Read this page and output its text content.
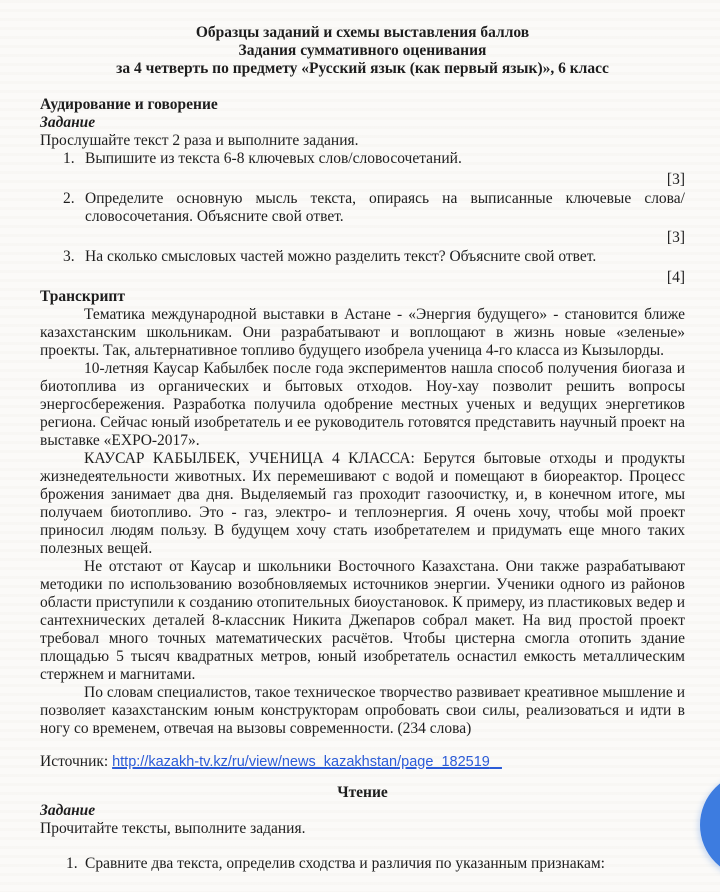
Образцы заданий и схемы выставления баллов
Задания суммативного оценивания
за 4 четверть по предмету «Русский язык (как первый язык)», 6 класс
Аудирование и говорение
Задание
Прослушайте текст 2 раза и выполните задания.
1. Выпишите из текста 6-8 ключевых слов/словосочетаний.
[3]
2. Определите основную мысль текста, опираясь на выписанные ключевые слова/словосочетания. Объясните свой ответ.
[3]
3. На сколько смысловых частей можно разделить текст? Объясните свой ответ.
[4]
Транскрипт

Тематика международной выставки в Астане - «Энергия будущего» - становится ближе казахстанским школьникам. Они разрабатывают и воплощают в жизнь новые «зеленые» проекты. Так, альтернативное топливо будущего изобрела ученица 4-го класса из Кызылорды.

10-летняя Каусар Кабылбек после года экспериментов нашла способ получения биогаза и биотоплива из органических и бытовых отходов. Ноу-хау позволит решить вопросы энергосбережения. Разработка получила одобрение местных ученых и ведущих энергетиков региона. Сейчас юный изобретатель и ее руководитель готовятся представить научный проект на выставке «EXPO-2017».

КАУСАР КАБЫЛБЕК, УЧЕНИЦА 4 КЛАССА: Берутся бытовые отходы и продукты жизнедеятельности животных. Их перемешивают с водой и помещают в биореактор. Процесс брожения занимает два дня. Выделяемый газ проходит газоочистку, и, в конечном итоге, мы получаем биотопливо. Это - газ, электро- и теплоэнергия. Я очень хочу, чтобы мой проект приносил людям пользу. В будущем хочу стать изобретателем и придумать еще много таких полезных вещей.

Не отстают от Каусар и школьники Восточного Казахстана. Они также разрабатывают методики по использованию возобновляемых источников энергии. Ученики одного из районов области приступили к созданию отопительных биоустановок. К примеру, из пластиковых ведер и сантехнических деталей 8-классник Никита Джепаров собрал макет. На вид простой проект требовал много точных математических расчётов. Чтобы цистерна смогла отопить здание площадью 5 тысяч квадратных метров, юный изобретатель оснастил емкость металлическим стержнем и магнитами.

По словам специалистов, такое техническое творчество развивает креативное мышление и позволяет казахстанским юным конструкторам опробовать свои силы, реализоваться и идти в ногу со временем, отвечая на вызовы современности. (234 слова)

Источник: http://kazakh-tv.kz/ru/view/news_kazakhstan/page_182519
Чтение
Задание
Прочитайте тексты, выполните задания.
1. Сравните два текста, определив сходства и различия по указанным признакам:
